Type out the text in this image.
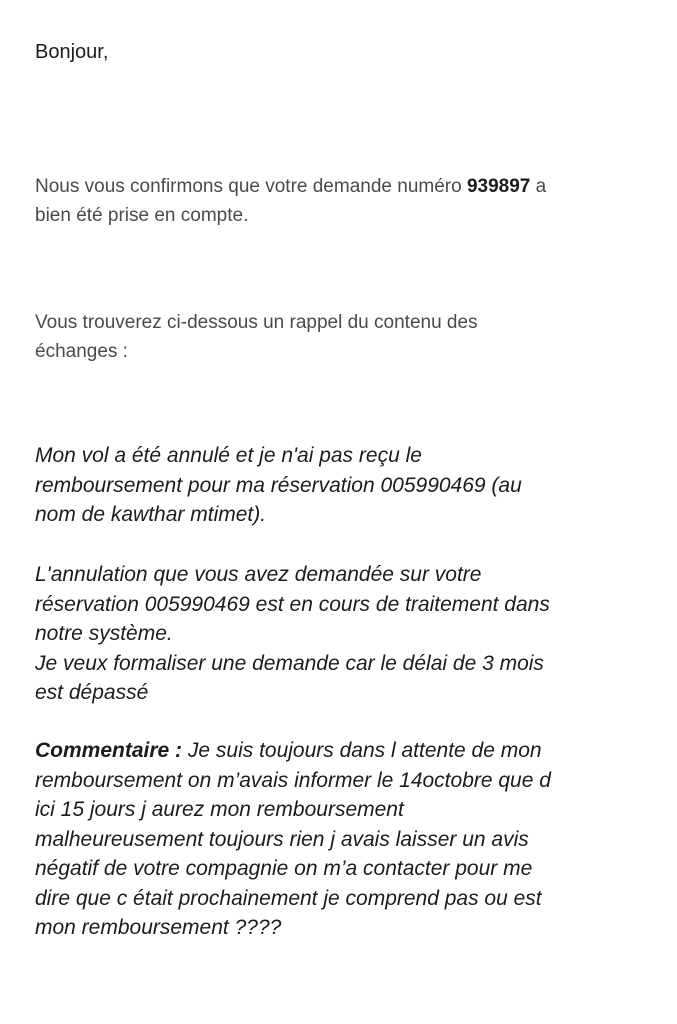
Bonjour,
Nous vous confirmons que votre demande numéro 939897 a
bien été prise en compte.
Vous trouverez ci-dessous un rappel du contenu des
échanges :
Mon vol a été annulé et je n'ai pas reçu le
remboursement pour ma réservation 005990469 (au
nom de kawthar mtimet).
L'annulation que vous avez demandée sur votre
réservation 005990469 est en cours de traitement dans
notre système.
Je veux formaliser une demande car le délai de 3 mois
est dépassé
Commentaire : Je suis toujours dans l attente de mon
remboursement on m’avais informer le 14octobre que d
ici 15 jours j aurez mon remboursement
malheureusement toujours rien j avais laisser un avis
négatif de votre compagnie on m’a contacter pour me
dire que c était prochainement je comprend pas ou est
mon remboursement ????
